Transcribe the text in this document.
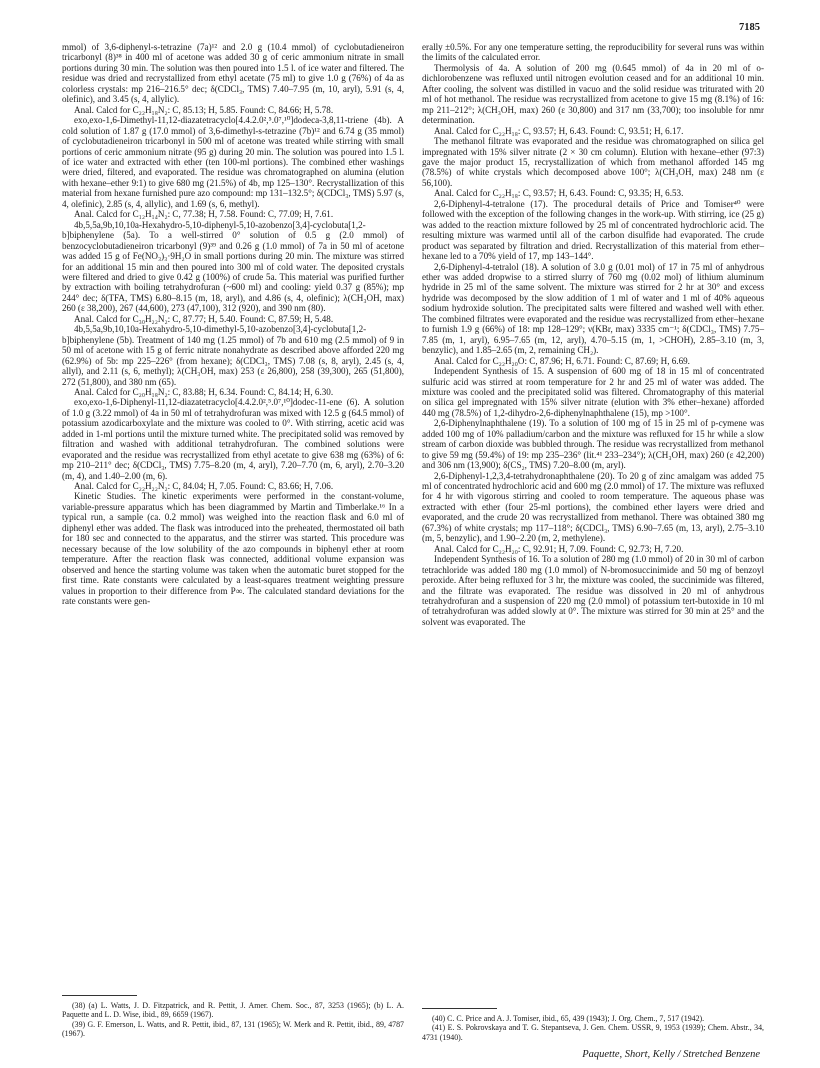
7185

mmol) of 3,6-diphenyl-s-tetrazine (7a)¹² and 2.0 g (10.4 mmol) of cyclobutadieneiron tricarbonyl (8)³⁸ in 400 ml of acetone was added 30 g of ceric ammonium nitrate in small portions during 30 min. The solution was then poured into 1.5 l. of ice water and filtered. The residue was dried and recrystallized from ethyl acetate (75 ml) to give 1.0 g (76%) of 4a as colorless crystals: mp 216–216.5° dec; δ(CDCl₃, TMS) 7.40–7.95 (m, 10, aryl), 5.91 (s, 4, olefinic), and 3.45 (s, 4, allylic).

Anal. Calcd for C₂₂H₁₈N₂: C, 85.13; H, 5.85. Found: C, 84.66; H, 5.78.

exo,exo-1,6-Dimethyl-11,12-diazatetracyclo[4.4.2.0²,⁵.0⁷,¹⁰]dodeca-3,8,11-triene (4b). A cold solution of 1.87 g (17.0 mmol) of 3,6-dimethyl-s-tetrazine (7b)¹² and 6.74 g (35 mmol) of cyclobutadieneiron tricarbonyl in 500 ml of acetone was treated while stirring with small portions of ceric ammonium nitrate (95 g) during 20 min. The solution was poured into 1.5 l. of ice water and extracted with ether (ten 100-ml portions). The combined ether washings were dried, filtered, and evaporated. The residue was chromatographed on alumina (elution with hexane–ether 9:1) to give 680 mg (21.5%) of 4b, mp 125–130°. Recrystallization of this material from hexane furnished pure azo compound: mp 131–132.5°; δ(CDCl₃, TMS) 5.97 (s, 4, olefinic), 2.85 (s, 4, allylic), and 1.69 (s, 6, methyl).

Anal. Calcd for C₁₂H₁₄N₂: C, 77.38; H, 7.58. Found: C, 77.09; H, 7.61.

4b,5,5a,9b,10,10a-Hexahydro-5,10-diphenyl-5,10-azobenzo[3,4]-cyclobuta[1,2-b]biphenylene (5a). To a well-stirred 0° solution of 0.5 g (2.0 mmol) of benzocyclobutadieneiron tricarbonyl (9)³⁹ and 0.26 g (1.0 mmol) of 7a in 50 ml of acetone was added 15 g of Fe(NO₃)₃·9H₂O in small portions during 20 min. The mixture was stirred for an additional 15 min and then poured into 300 ml of cold water. The deposited crystals were filtered and dried to give 0.42 g (100%) of crude 5a. This material was purified further by extraction with boiling tetrahydrofuran (~600 ml) and cooling: yield 0.37 g (85%); mp 244° dec; δ(TFA, TMS) 6.80–8.15 (m, 18, aryl), and 4.86 (s, 4, olefinic); λ(CH₃OH, max) 260 (ε 38,200), 267 (44,600), 273 (47,100), 312 (920), and 390 nm (80).

Anal. Calcd for C₃₀H₂₂N₂: C, 87.77; H, 5.40. Found: C, 87.59; H, 5.48.

4b,5,5a,9b,10,10a-Hexahydro-5,10-dimethyl-5,10-azobenzo[3,4]-cyclobuta[1,2-b]biphenylene (5b). Treatment of 140 mg (1.25 mmol) of 7b and 610 mg (2.5 mmol) of 9 in 50 ml of acetone with 15 g of ferric nitrate nonahydrate as described above afforded 220 mg (62.9%) of 5b: mp 225–226° (from hexane); δ(CDCl₃, TMS) 7.08 (s, 8, aryl), 2.45 (s, 4, allyl), and 2.11 (s, 6, methyl); λ(CH₃OH, max) 253 (ε 26,800), 258 (39,300), 265 (51,800), 272 (51,800), and 380 nm (65).

Anal. Calcd for C₂₀H₁₈N₂: C, 83.88; H, 6.34. Found: C, 84.14; H, 6.30.

exo,exo-1,6-Diphenyl-11,12-diazatetracyclo[4.4.2.0²,⁵.0⁷,¹⁰]dodec-11-ene (6). A solution of 1.0 g (3.22 mmol) of 4a in 50 ml of tetrahydrofuran was mixed with 12.5 g (64.5 mmol) of potassium azodicarboxylate and the mixture was cooled to 0°. With stirring, acetic acid was added in 1-ml portions until the mixture turned white. The precipitated solid was removed by filtration and washed with additional tetrahydrofuran. The combined solutions were evaporated and the residue was recrystallized from ethyl acetate to give 638 mg (63%) of 6: mp 210–211° dec; δ(CDCl₃, TMS) 7.75–8.20 (m, 4, aryl), 7.20–7.70 (m, 6, aryl), 2.70–3.20 (m, 4), and 1.40–2.00 (m, 6).

Anal. Calcd for C₂₂H₂₂N₂: C, 84.04; H, 7.05. Found: C, 83.66; H, 7.06.

Kinetic Studies. The kinetic experiments were performed in the constant-volume, variable-pressure apparatus which has been diagrammed by Martin and Timberlake.¹⁶ In a typical run, a sample (ca. 0.2 mmol) was weighed into the reaction flask and 6.0 ml of diphenyl ether was added. The flask was introduced into the preheated, thermostated oil bath for 180 sec and connected to the apparatus, and the stirrer was started. This procedure was necessary because of the low solubility of the azo compounds in biphenyl ether at room temperature. After the reaction flask was connected, additional volume expansion was observed and hence the starting volume was taken when the automatic buret stopped for the first time. Rate constants were calculated by a least-squares treatment weighting pressure values in proportion to their difference from P∞. The calculated standard deviations for the rate constants were gen-

erally ±0.5%. For any one temperature setting, the reproducibility for several runs was within the limits of the calculated error.

Thermolysis of 4a. A solution of 200 mg (0.645 mmol) of 4a in 20 ml of o-dichlorobenzene was refluxed until nitrogen evolution ceased and for an additional 10 min. After cooling, the solvent was distilled in vacuo and the solid residue was triturated with 20 ml of hot methanol. The residue was recrystallized from acetone to give 15 mg (8.1%) of 16: mp 211–212°; λ(CH₃OH, max) 260 (ε 30,800) and 317 nm (33,700); too insoluble for nmr determination.

Anal. Calcd for C₂₂H₁₈: C, 93.57; H, 6.43. Found: C, 93.51; H, 6.17.

The methanol filtrate was evaporated and the residue was chromatographed on silica gel impregnated with 15% silver nitrate (2 × 30 cm column). Elution with hexane–ether (97:3) gave the major product 15, recrystallization of which from methanol afforded 145 mg (78.5%) of white crystals which decomposed above 100°; λ(CH₃OH, max) 248 nm (ε 56,100).

Anal. Calcd for C₂₂H₁₈: C, 93.57; H, 6.43. Found: C, 93.35; H, 6.53.

2,6-Diphenyl-4-tetralone (17). The procedural details of Price and Tomiser⁴⁰ were followed with the exception of the following changes in the work-up. With stirring, ice (25 g) was added to the reaction mixture followed by 25 ml of concentrated hydrochloric acid. The resulting mixture was warmed until all of the carbon disulfide had evaporated. The crude product was separated by filtration and dried. Recrystallization of this material from ether–hexane led to a 70% yield of 17, mp 143–144°.

2,6-Diphenyl-4-tetralol (18). A solution of 3.0 g (0.01 mol) of 17 in 75 ml of anhydrous ether was added dropwise to a stirred slurry of 760 mg (0.02 mol) of lithium aluminum hydride in 25 ml of the same solvent. The mixture was stirred for 2 hr at 30° and excess hydride was decomposed by the slow addition of 1 ml of water and 1 ml of 40% aqueous sodium hydroxide solution. The precipitated salts were filtered and washed well with ether. The combined filtrates were evaporated and the residue was recrystallized from ether–hexane to furnish 1.9 g (66%) of 18: mp 128–129°; ν(KBr, max) 3335 cm⁻¹; δ(CDCl₃, TMS) 7.75–7.85 (m, 1, aryl), 6.95–7.65 (m, 12, aryl), 4.70–5.15 (m, 1, >CHOH), 2.85–3.10 (m, 3, benzylic), and 1.85–2.65 (m, 2, remaining CH₂).

Anal. Calcd for C₂₂H₂₀O: C, 87.96; H, 6.71. Found: C, 87.69; H, 6.69.

Independent Synthesis of 15. A suspension of 600 mg of 18 in 15 ml of concentrated sulfuric acid was stirred at room temperature for 2 hr and 25 ml of water was added. The mixture was cooled and the precipitated solid was filtered. Chromatography of this material on silica gel impregnated with 15% silver nitrate (elution with 3% ether–hexane) afforded 440 mg (78.5%) of 1,2-dihydro-2,6-diphenylnaphthalene (15), mp >100°.

2,6-Diphenylnaphthalene (19). To a solution of 100 mg of 15 in 25 ml of p-cymene was added 100 mg of 10% palladium/carbon and the mixture was refluxed for 15 hr while a slow stream of carbon dioxide was bubbled through. The residue was recrystallized from methanol to give 59 mg (59.4%) of 19: mp 235–236° (lit.⁴¹ 233–234°); λ(CH₃OH, max) 260 (ε 42,200) and 306 nm (13,900); δ(CS₂, TMS) 7.20–8.00 (m, aryl).

2,6-Diphenyl-1,2,3,4-tetrahydronaphthalene (20). To 20 g of zinc amalgam was added 75 ml of concentrated hydrochloric acid and 600 mg (2.0 mmol) of 17. The mixture was refluxed for 4 hr with vigorous stirring and cooled to room temperature. The aqueous phase was extracted with ether (four 25-ml portions), the combined ether layers were dried and evaporated, and the crude 20 was recrystallized from methanol. There was obtained 380 mg (67.3%) of white crystals; mp 117–118°; δ(CDCl₃, TMS) 6.90–7.65 (m, 13, aryl), 2.75–3.10 (m, 5, benzylic), and 1.90–2.20 (m, 2, methylene).

Anal. Calcd for C₂₂H₂₀: C, 92.91; H, 7.09. Found: C, 92.73; H, 7.20.

Independent Synthesis of 16. To a solution of 280 mg (1.0 mmol) of 20 in 30 ml of carbon tetrachloride was added 180 mg (1.0 mmol) of N-bromosuccinimide and 50 mg of benzoyl peroxide. After being refluxed for 3 hr, the mixture was cooled, the succinimide was filtered, and the filtrate was evaporated. The residue was dissolved in 20 ml of anhydrous tetrahydrofuran and a suspension of 220 mg (2.0 mmol) of potassium tert-butoxide in 10 ml of tetrahydrofuran was added slowly at 0°. The mixture was stirred for 30 min at 25° and the solvent was evaporated. The

(38) (a) L. Watts, J. D. Fitzpatrick, and R. Pettit, J. Amer. Chem. Soc., 87, 3253 (1965); (b) L. A. Paquette and L. D. Wise, ibid., 89, 6659 (1967).

(39) G. F. Emerson, L. Watts, and R. Pettit, ibid., 87, 131 (1965); W. Merk and R. Pettit, ibid., 89, 4787 (1967).

(40) C. C. Price and A. J. Tomiser, ibid., 65, 439 (1943); J. Org. Chem., 7, 517 (1942).

(41) E. S. Pokrovskaya and T. G. Stepantseva, J. Gen. Chem. USSR, 9, 1953 (1939); Chem. Abstr., 34, 4731 (1940).

Paquette, Short, Kelly / Stretched Benzene
